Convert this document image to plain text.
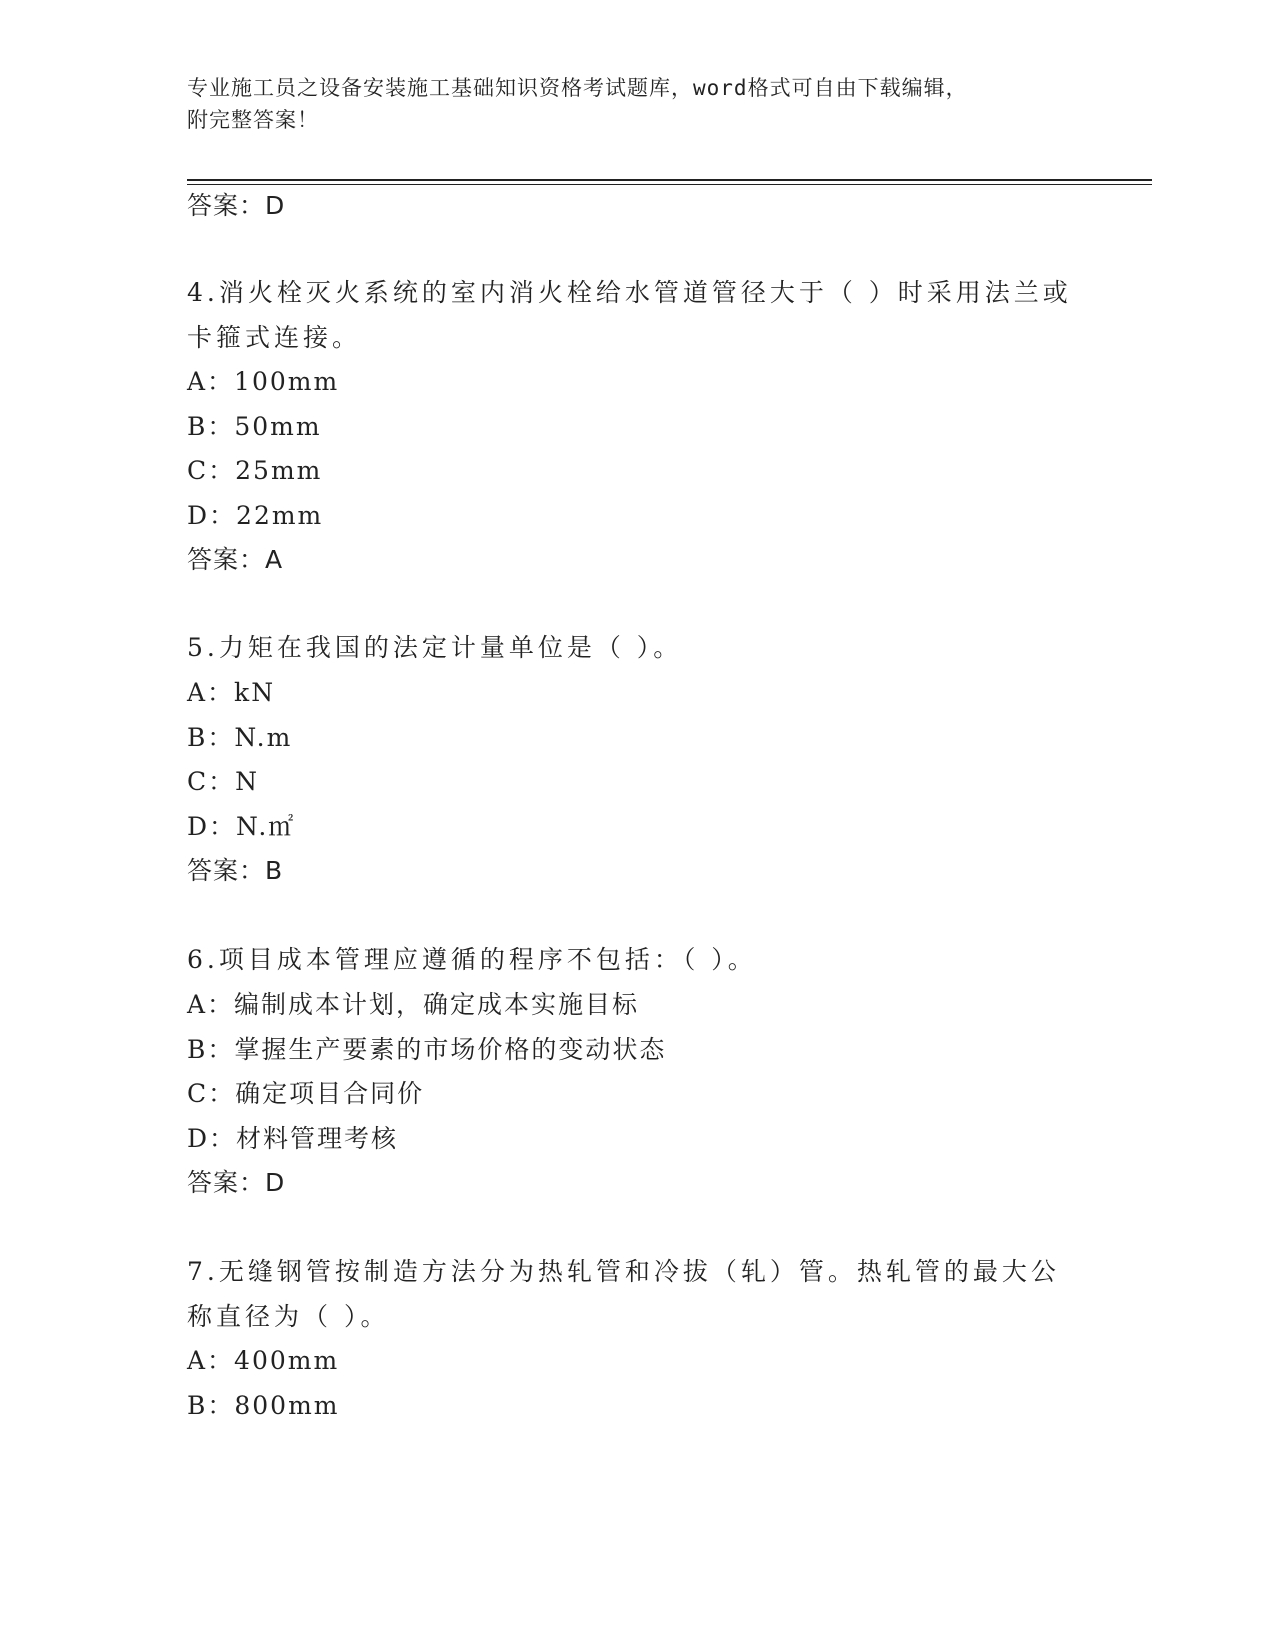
专业施工员之设备安装施工基础知识资格考试题库，word格式可自由下载编辑，
附完整答案！
答案：D
4.消火栓灭火系统的室内消火栓给水管道管径大于（ ）时采用法兰或
卡箍式连接。
A：100mm
B：50mm
C：25mm
D：22mm
答案：A
5.力矩在我国的法定计量单位是（ ）。
A：kN
B：N.m
C：N
D：N.㎡
答案：B
6.项目成本管理应遵循的程序不包括：（ ）。
A：编制成本计划，确定成本实施目标
B：掌握生产要素的市场价格的变动状态
C：确定项目合同价
D：材料管理考核
答案：D
7.无缝钢管按制造方法分为热轧管和冷拔（轧）管。热轧管的最大公
称直径为（ ）。
A：400mm
B：800mm
